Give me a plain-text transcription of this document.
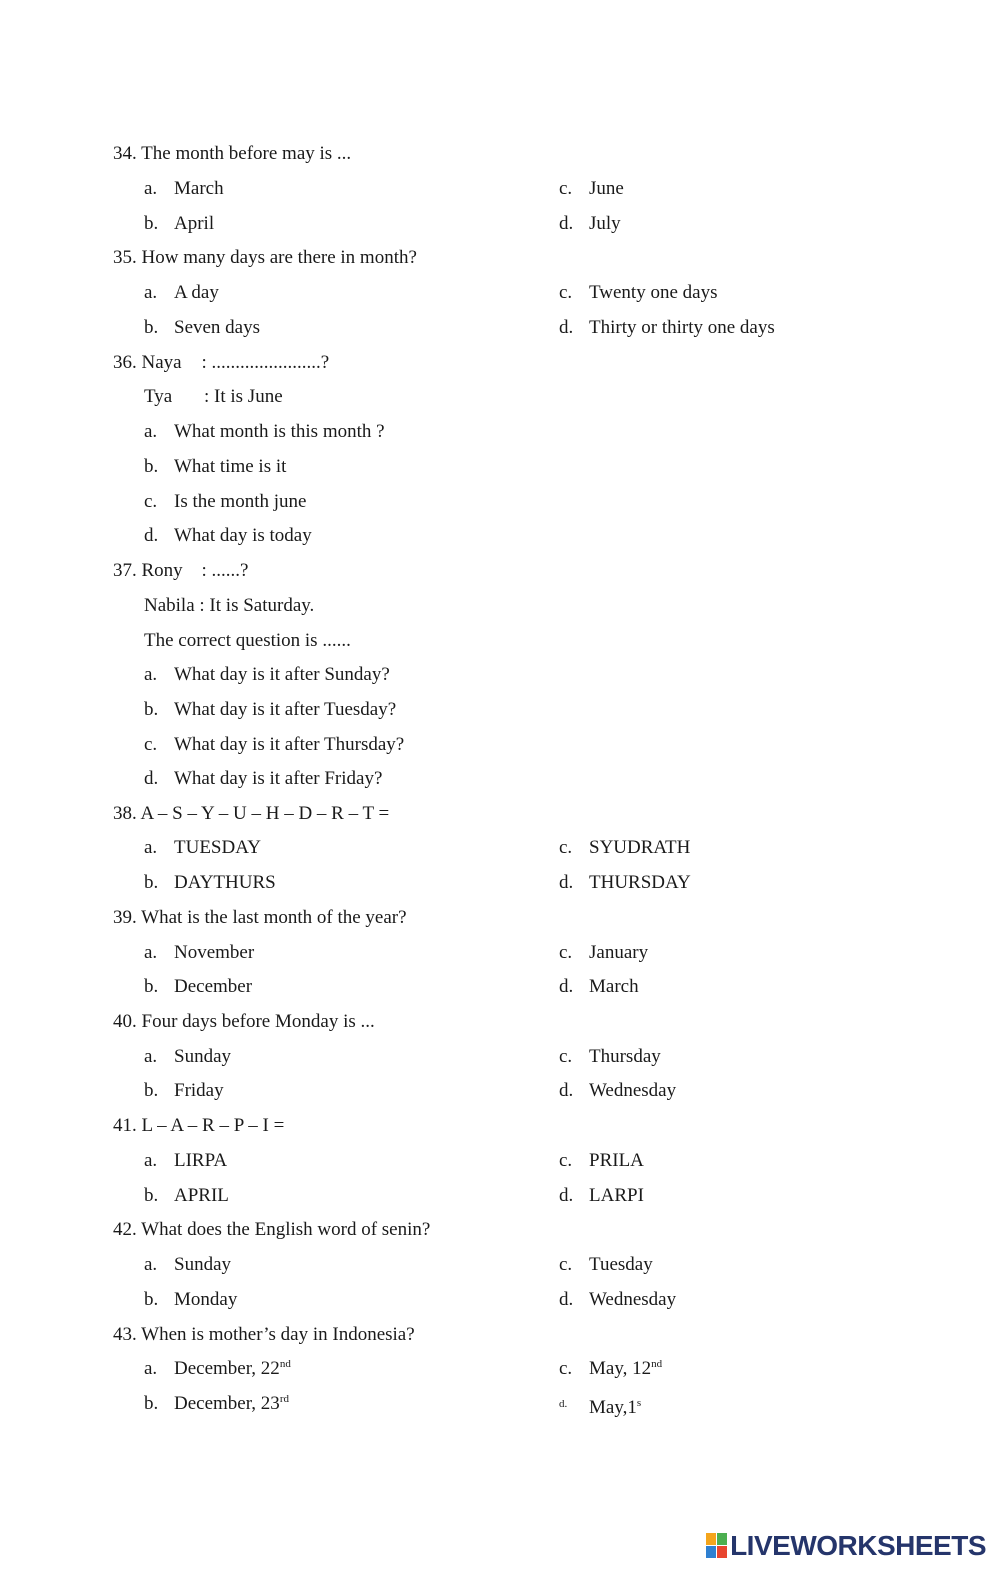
34. The month before may is ...
a. March	c. June
b. April	d. July
35. How many days are there in month?
a. A day	c. Twenty one days
b. Seven days	d. Thirty or thirty one days
36. Naya : .......................?
Tya : It is June
a. What month is this month ?
b. What time is it
c. Is the month june
d. What day is today
37. Rony : ......?
Nabila : It is Saturday.
The correct question is ......
a. What day is it after Sunday?
b. What day is it after Tuesday?
c. What day is it after Thursday?
d. What day is it after Friday?
38. A – S – Y – U – H – D – R – T =
a. TUESDAY	c. SYUDRATH
b. DAYTHURS	d. THURSDAY
39. What is the last month of the year?
a. November	c. January
b. December	d. March
40. Four days before Monday is ...
a. Sunday	c. Thursday
b. Friday	d. Wednesday
41. L – A – R – P – I =
a. LIRPA	c. PRILA
b. APRIL	d. LARPI
42. What does the English word of senin?
a. Sunday	c. Tuesday
b. Monday	d. Wednesday
43. When is mother’s day in Indonesia?
a. December, 22nd	c. May, 12nd
b. December, 23rd	d. May,1$^s$
LIVEWORKSHEETS
